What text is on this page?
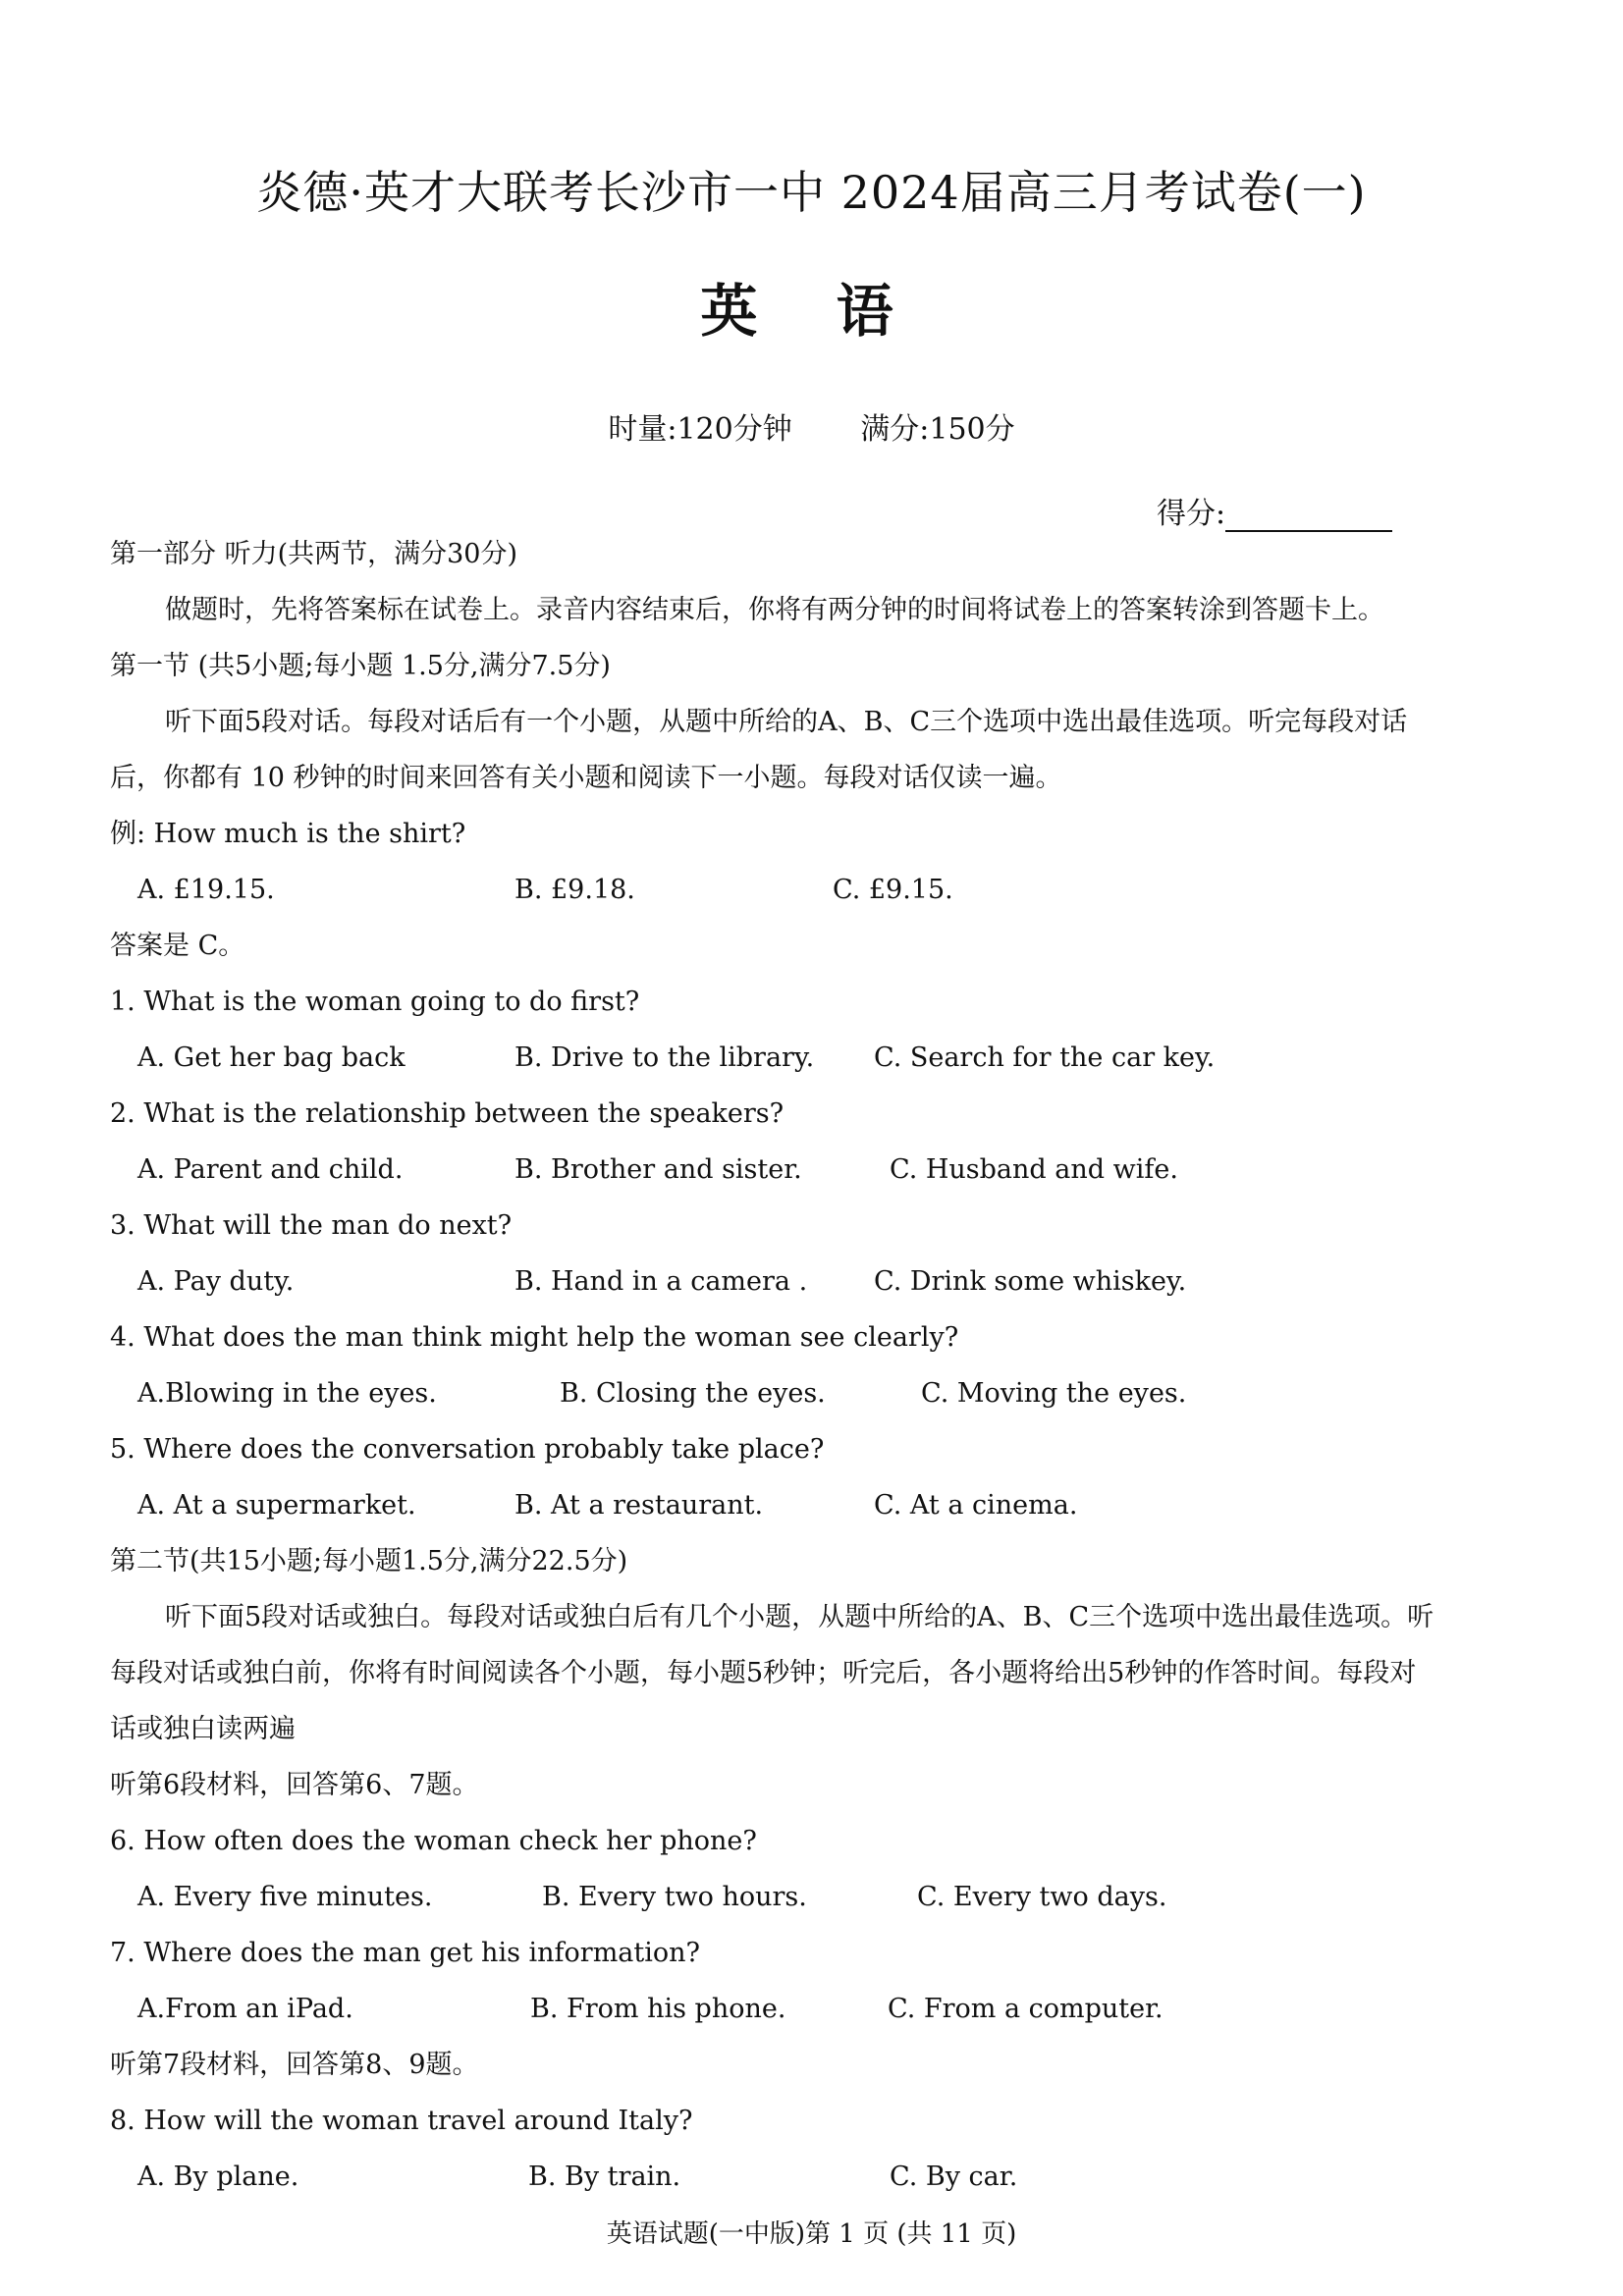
炎德·英才大联考长沙市一中 2024届高三月考试卷(一)
英 语
时量:120分钟 满分:150分
得分:
第一部分 听力(共两节，满分30分)
做题时，先将答案标在试卷上。录音内容结束后，你将有两分钟的时间将试卷上的答案转涂到答题卡上。
第一节 (共5小题;每小题 1.5分,满分7.5分)
听下面5段对话。每段对话后有一个小题，从题中所给的A、B、C三个选项中选出最佳选项。听完每段对话
后，你都有 10 秒钟的时间来回答有关小题和阅读下一小题。每段对话仅读一遍。
例: How much is the shirt?
A. £19.15.	B. £9.18.	C. £9.15.
答案是 C。
1. What is the woman going to do first?
A. Get her bag back	B. Drive to the library. C. Search for the car key.
2. What is the relationship between the speakers?
A. Parent and child.	B. Brother and sister.	C. Husband and wife.
3. What will the man do next?
A. Pay duty.	B. Hand in a camera .	C. Drink some whiskey.
4. What does the man think might help the woman see clearly?
A.Blowing in the eyes.	B. Closing the eyes.	C. Moving the eyes.
5. Where does the conversation probably take place?
A. At a supermarket.	B. At a restaurant.	C. At a cinema.
第二节(共15小题;每小题1.5分,满分22.5分)
听下面5段对话或独白。每段对话或独白后有几个小题，从题中所给的A、B、C三个选项中选出最佳选项。听
每段对话或独白前，你将有时间阅读各个小题，每小题5秒钟；听完后，各小题将给出5秒钟的作答时间。每段对
话或独白读两遍
听第6段材料，回答第6、7题。
6. How often does the woman check her phone?
A. Every five minutes.	B. Every two hours.	C. Every two days.
7. Where does the man get his information?
A.From an iPad.	B. From his phone.	C. From a computer.
听第7段材料，回答第8、9题。
8. How will the woman travel around Italy?
A. By plane.	B. By train.	C. By car.
英语试题(一中版)第 1 页 (共 11 页)
